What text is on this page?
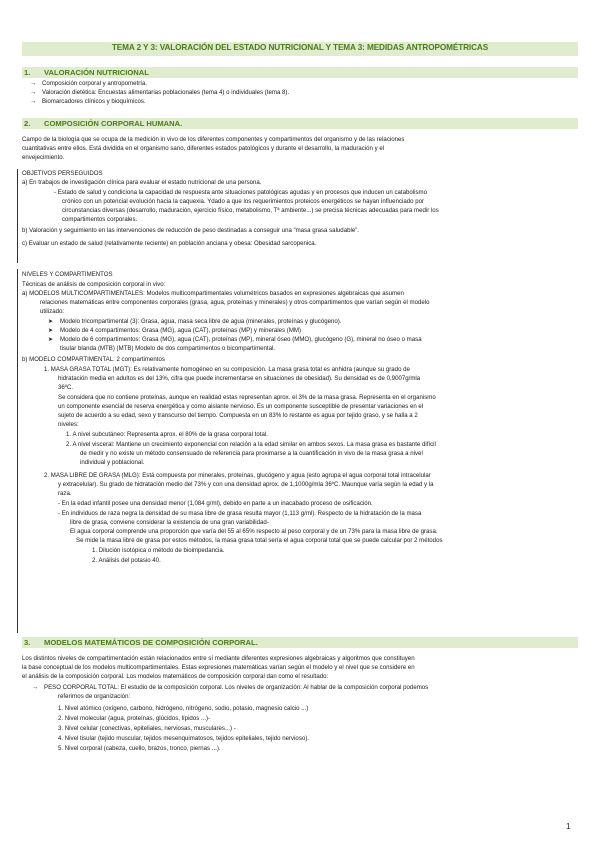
TEMA 2 Y 3: VALORACIÓN DEL ESTADO NUTRICIONAL Y TEMA 3: MEDIDAS ANTROPOMÉTRICAS
1. VALORACIÓN NUTRICIONAL
→ Composición corporal y antropometría.
→ Valoración dietética: Encuestas alimentarias poblacionales (tema 4) o individuales (tema 8).
→ Biomarcadores clínicos y bioquímicos.
2. COMPOSICIÓN CORPORAL HUMANA.
Campo de la biología que se ocupa de la medición in vivo de los diferentes componentes y compartimentos del organismo y de las relaciones
cuantitativas entre ellos. Está dividida en el organismo sano, diferentes estados patológicos y durante el desarrollo, la maduración y el
envejecimiento.
OBJETIVOS PERSEGUIDOS
a) En trabajos de investigación clínica para evaluar el estado nutricional de una persona.
- Estado de salud y condiciona la capacidad de respuesta ante situaciones patológicas agudas y en procesos que inducen un catabolismo
crónico con un potencial evolución hacia la caquexia. Ydado a que los requerimientos proteicos energéticos se hayan influenciado por
circunstancias diversas (desarrollo, maduración, ejercicio físico, metabolismo, Tª ambiente...) se precisa técnicas adecuadas para medir los
compartimentos corporales.
b) Valoración y seguimiento en las intervenciones de reducción de peso destinadas a conseguir una “masa grasa saludable”.
c) Evaluar un estado de salud (relativamente reciente) en población anciana y obesa: Obesidad sarcopenica.
NIVELES Y COMPARTIMENTOS
Técnicas de análisis de composición corporal in vivo:
a) MODELOS MULTICOMPARTIMENTALES: Modelos multicompartimentales volumétricos basados en expresiones algebraicas que asumen
relaciones matemáticas entre componentes corporales (grasa, agua, proteínas y minerales) y otros compartimentos que varían según el modelo
utilizado:
➤ Modelo tricompartimental (3): Grasa, agua, masa seca libre de agua (minerales, proteínas y glucógeno).
➤ Modelo de 4 compartimentos: Grasa (MG), agua (CAT), proteínas (MP) y minerales (MM)
➤ Modelo de 6 compartimentos: Grasa (MG), agua (CAT), proteínas (MP), mineral óseo (MMO), glucógeno (G), mineral no óseo o masa
tisular blanda (MTB) (MTB) Modelo de dos compartimentos o bicompartimental.
b) MODELO COMPARTIMENTAL: 2 compartimentos
1. MASA GRASA TOTAL (MGT): Es relativamente homogéneo en su composición. La masa grasa total es anhidra (aunque su grado de
hidratación media en adultos es del 13%, cifra que puede incrementarse en situaciones de obesidad). Su densidad es de 0,9007g/mla
36ºC.
Se considera que no contiene proteínas, aunque en realidad estas representan aprox. el 3% de la masa grasa. Representa en el organismo
un componente esencial de reserva energética y como aislante nervioso. Es un componente susceptible de presentar variaciones en el
sujeto de acuerdo a su edad, sexo y transcurso del tiempo. Compuesta en un 83% lo restante es agua por tejido graso, y se halla a 2
niveles:
1. A nivel subcutáneo: Representa aprox. el 80% de la grasa corporal total.
2. A nivel visceral: Mantiene un crecimiento exponencial con relación a la edad similar en ambos sexos. La masa grasa es bastante difícil
de medir y no existe un método consensuado de referencia para proximarse a la cuantificación in vivo de la masa grasa a nivel
individual y poblacional.
2. MASA LIBRE DE GRASA (MLG): Está compuesta por minerales, proteínas, glucógeno y agua (esto agrupa el agua corporal total intracelular
y extracelular). Su grado de hidratación medio del 73% y con una densidad aprox. de 1,1000g/mla 36ºC. Maunque varía según la edad y la
raza.
- En la edad infantil posee una densidad menor (1,084 g/ml), debido en parte a un inacabado proceso de osificación.
- En individuos de raza negra la densidad de su masa libre de grasa resulta mayor (1,113 g/ml). Respecto de la hidratación de la masa
libre de grasa, conviene considerar la existencia de una gran variabilidad-
El agua corporal comprende una proporción que varía del 55 al 65% respecto al peso corporal y de un 73% para la masa libre de grasa.
Se mide la masa libre de grasa por estos métodos, la masa grasa total sería el agua corporal total que se puede calcular por 2 métodos
1. Dilución isotópica o método de bioimpedancia.
2. Análisis del potasio 40.
3. MODELOS MATEMÁTICOS DE COMPOSICIÓN CORPORAL.
Los distintos niveles de compartimentación están relacionados entre sí mediante diferentes expresiones algebraicas y algoritmos que constituyen
la base conceptual de los modelos multicompartimentales. Estas expresiones matemáticas varían según el modelo y el nivel que se considere en
el análisis de la composición corporal. Los modelos matemáticos de composición corporal dan como el resultado:
→ PESO CORPORAL TOTAL: El estudio de la composición corporal. Los niveles de organización: Al hablar de la composición corporal podemos
referirnos de organización:
1. Nivel atómico (oxígeno, carbono, hidrógeno, nitrógeno, sodio, potasio, magnesio calcio ...)
2. Nivel molecular (agua, proteínas, glúcidos, lípidos ...)-
3. Nivel celular (conectivas, epiteliales, nerviosas, musculares...) -
4. Nivel tisular (tejido muscular, tejidos mesenquimatosos, tejidos epiteliales, tejido nervioso).
5. Nivel corporal (cabeza, cuello, brazos, tronco, piernas ...).
1
